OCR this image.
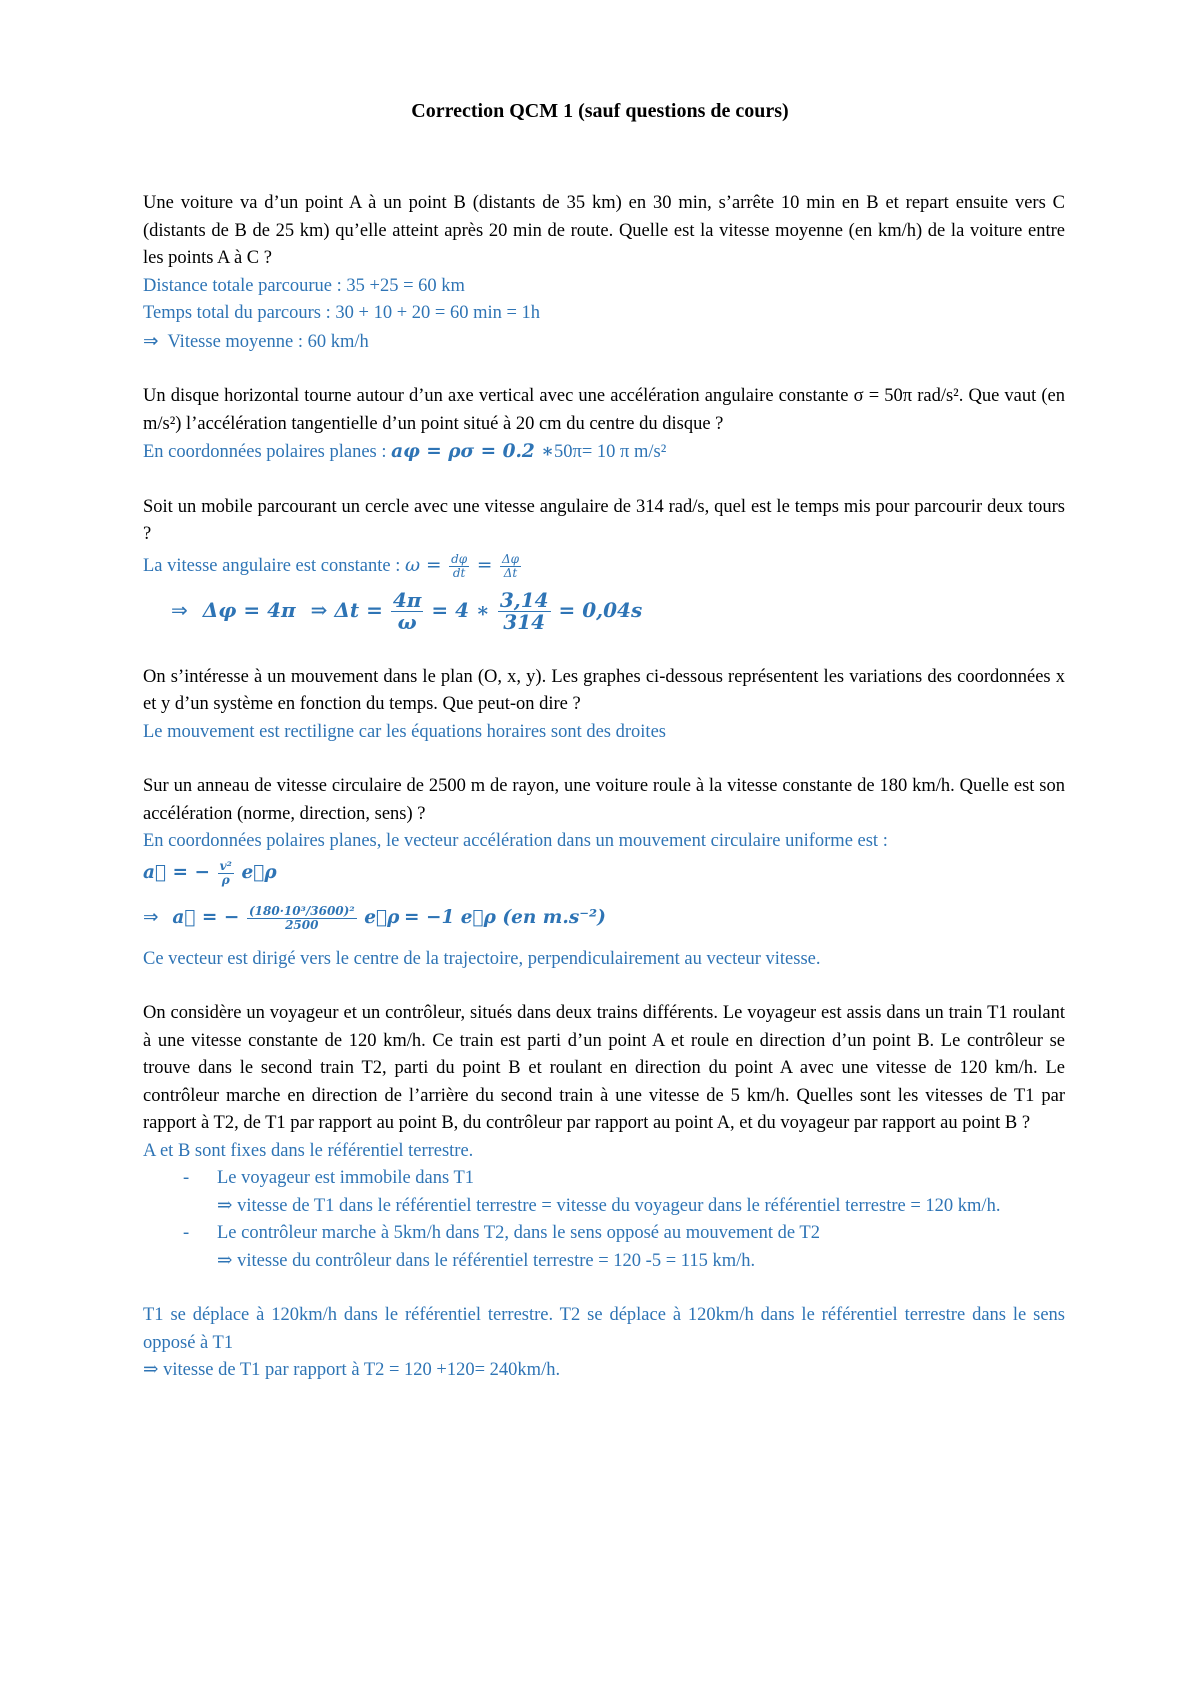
Correction QCM 1 (sauf questions de cours)

Une voiture va d’un point A à un point B (distants de 35 km) en 30 min, s’arrête 10 min en B et repart ensuite vers C (distants de B de 25 km) qu’elle atteint après 20 min de route. Quelle est la vitesse moyenne (en km/h) de la voiture entre les points A à C ?

Distance totale parcourue : 35 +25 = 60 km

Temps total du parcours : 30 + 10 + 20 = 60 min = 1h

⇒ Vitesse moyenne : 60 km/h

Un disque horizontal tourne autour d’un axe vertical avec une accélération angulaire constante σ = 50π rad/s². Que vaut (en m/s²) l’accélération tangentielle d’un point situé à 20 cm du centre du disque ?

En coordonnées polaires planes : aφ = ρσ = 0.2 ∗50π= 10 π m/s²

Soit un mobile parcourant un cercle avec une vitesse angulaire de 314 rad/s, quel est le temps mis pour parcourir deux tours ?

La vitesse angulaire est constante : $\omega = \frac{d\varphi}{dt} = \frac{\Delta\varphi}{\Delta t}$

⇒ Δφ = 4π ⇒ $\Delta t = \frac{4\pi}{\omega} = 4$ ∗ $\frac{3,14}{314} = 0,04s$

On s’intéresse à un mouvement dans le plan (O, x, y). Les graphes ci-dessous représentent les variations des coordonnées x et y d’un système en fonction du temps. Que peut-on dire ?

Le mouvement est rectiligne car les équations horaires sont des droites

Sur un anneau de vitesse circulaire de 2500 m de rayon, une voiture roule à la vitesse constante de 180 km/h. Quelle est son accélération (norme, direction, sens) ?

En coordonnées polaires planes, le vecteur accélération dans un mouvement circulaire uniforme est :

a⃗ = − $\frac{\text{v²}}{\rho}$ e⃗ρ

⇒ a⃗ = − $\frac{\text{(180·10³/3600)²}}{2500}$ e⃗ρ = −1 e⃗ρ (en m.s⁻²)

Ce vecteur est dirigé vers le centre de la trajectoire, perpendiculairement au vecteur vitesse.

On considère un voyageur et un contrôleur, situés dans deux trains différents. Le voyageur est assis dans un train T1 roulant à une vitesse constante de 120 km/h. Ce train est parti d’un point A et roule en direction d’un point B. Le contrôleur se trouve dans le second train T2, parti du point B et roulant en direction du point A avec une vitesse de 120 km/h. Le contrôleur marche en direction de l’arrière du second train à une vitesse de 5 km/h. Quelles sont les vitesses de T1 par rapport à T2, de T1 par rapport au point B, du contrôleur par rapport au point A, et du voyageur par rapport au point B ?

A et B sont fixes dans le référentiel terrestre.

- Le voyageur est immobile dans T1

⇒ vitesse de T1 dans le référentiel terrestre = vitesse du voyageur dans le référentiel terrestre = 120 km/h.

- Le contrôleur marche à 5km/h dans T2, dans le sens opposé au mouvement de T2

⇒ vitesse du contrôleur dans le référentiel terrestre = 120 -5 = 115 km/h.

T1 se déplace à 120km/h dans le référentiel terrestre. T2 se déplace à 120km/h dans le référentiel terrestre dans le sens opposé à T1

⇒ vitesse de T1 par rapport à T2 = 120 +120= 240km/h.
